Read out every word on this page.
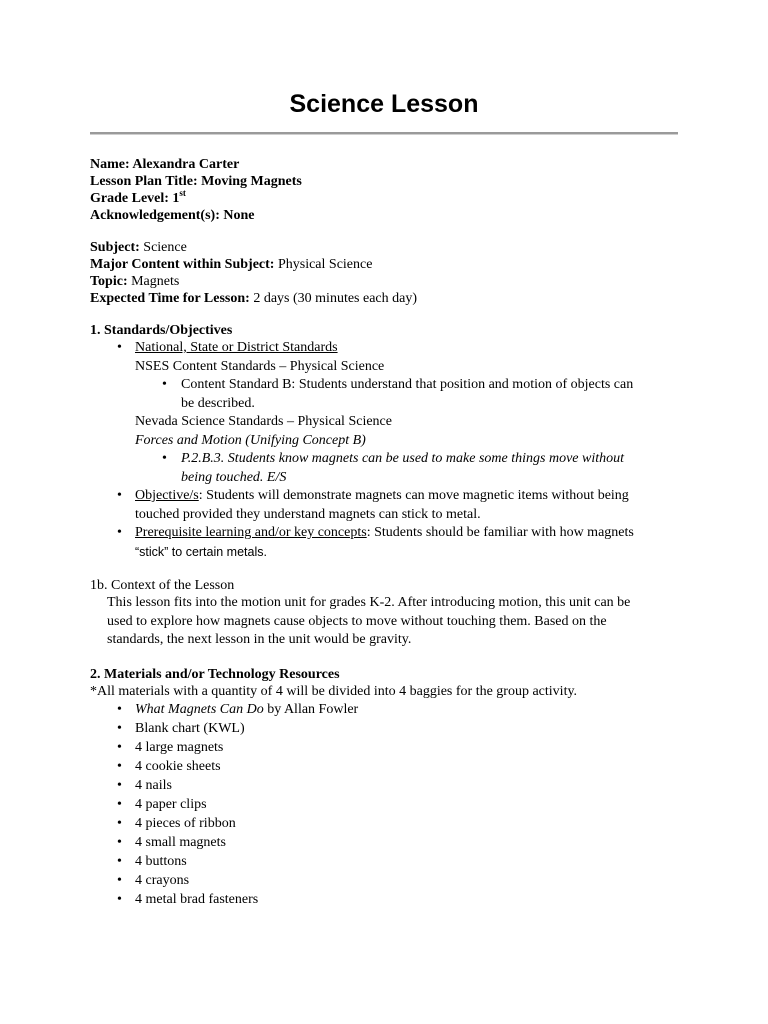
Science Lesson
Name: Alexandra Carter
Lesson Plan Title: Moving Magnets
Grade Level: 1st
Acknowledgement(s): None
Subject: Science
Major Content within Subject: Physical Science
Topic: Magnets
Expected Time for Lesson: 2 days (30 minutes each day)
1. Standards/Objectives
• National, State or District Standards
NSES Content Standards – Physical Science
• Content Standard B: Students understand that position and motion of objects can
be described.
Nevada Science Standards – Physical Science
Forces and Motion (Unifying Concept B)
• P.2.B.3. Students know magnets can be used to make some things move without
being touched. E/S
• Objective/s: Students will demonstrate magnets can move magnetic items without being
touched provided they understand magnets can stick to metal.
• Prerequisite learning and/or key concepts: Students should be familiar with how magnets
“stick” to certain metals.
1b. Context of the Lesson
This lesson fits into the motion unit for grades K-2. After introducing motion, this unit can be
used to explore how magnets cause objects to move without touching them. Based on the
standards, the next lesson in the unit would be gravity.
2. Materials and/or Technology Resources
*All materials with a quantity of 4 will be divided into 4 baggies for the group activity.
• What Magnets Can Do by Allan Fowler
• Blank chart (KWL)
• 4 large magnets
• 4 cookie sheets
• 4 nails
• 4 paper clips
• 4 pieces of ribbon
• 4 small magnets
• 4 buttons
• 4 crayons
• 4 metal brad fasteners
